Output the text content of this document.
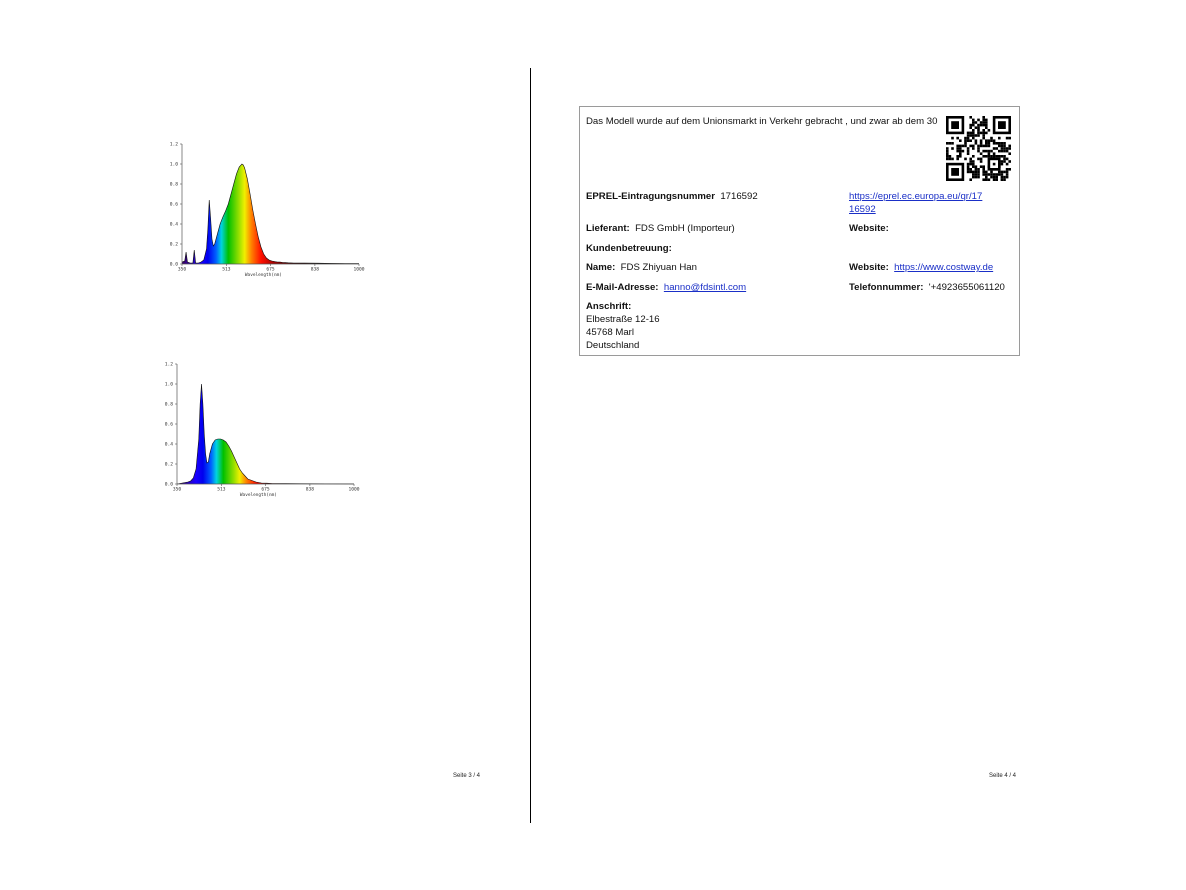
0.0
0.2
0.4
0.6
0.8
1.0
1.2
350	513	675	838	1000
Wavelength(nm)
0.0
0.2
0.4
0.6
0.8
1.0
1.2
350	513	675	838	1000
Wavelength(nm)
Seite 3 / 4
Das Modell wurde auf dem Unionsmarkt in Verkehr gebracht , und zwar ab dem 30
EPREL-Eintragungsnummer 1716592	https://eprel.ec.europa.eu/qr/17
16592
Lieferant: FDS GmbH (Importeur)	Website:
Kundenbetreuung:
Name: FDS Zhiyuan Han	Website: https://www.costway.de
E-Mail-Adresse: hanno@fdsintl.com	Telefonnummer: '+4923655061120
Anschrift:
Elbestraße 12-16
45768 Marl
Deutschland
Seite 4 / 4
